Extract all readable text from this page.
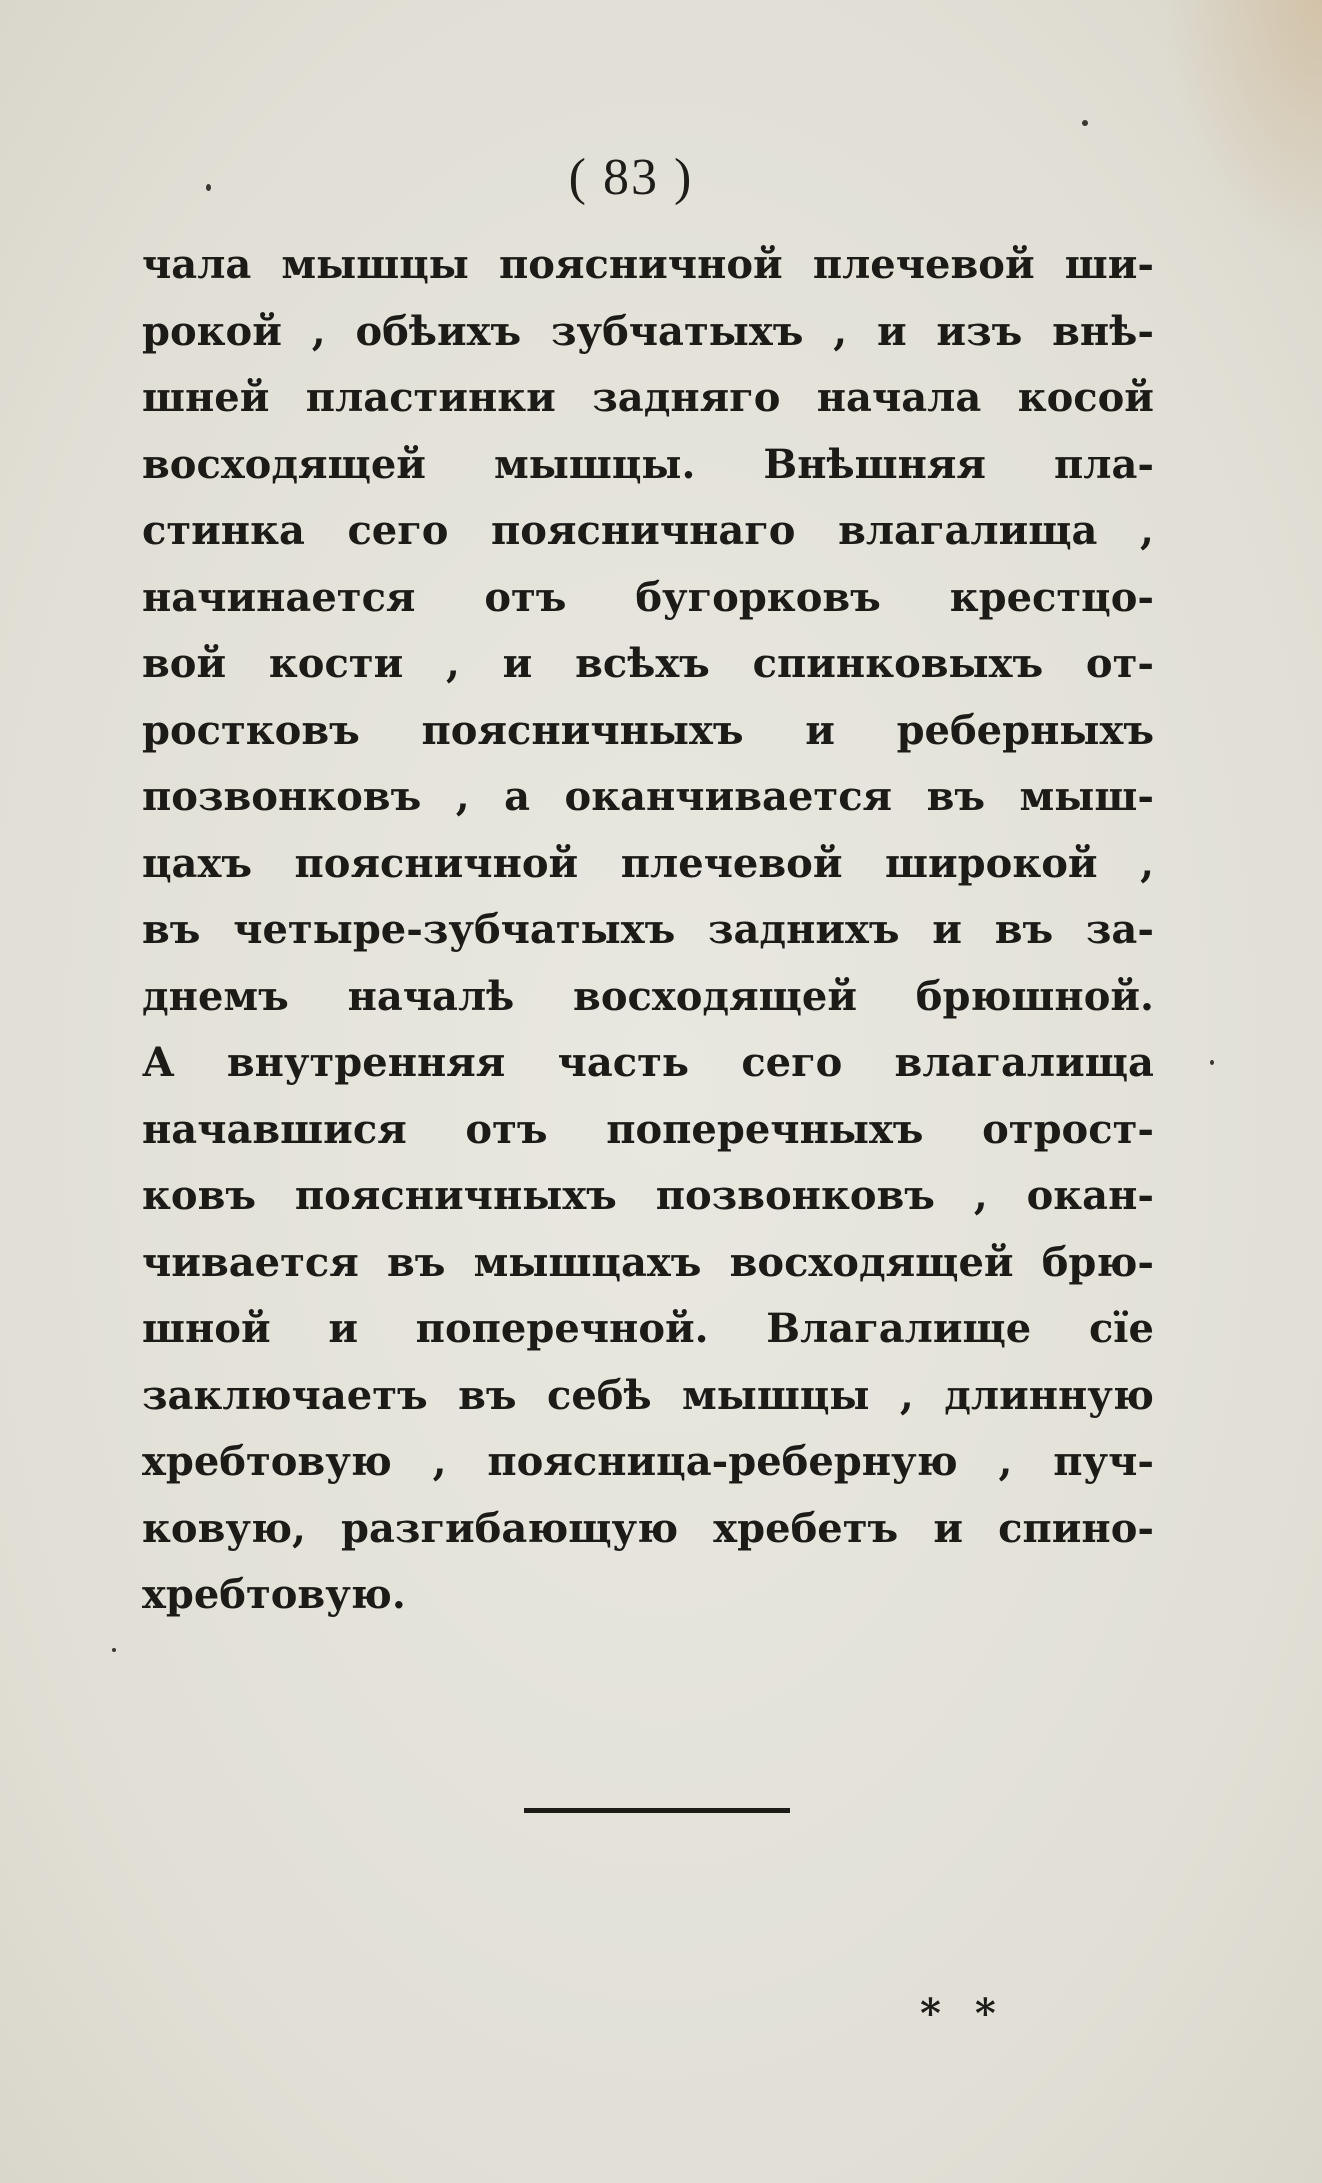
( 83 )
чала мышцы поясничной плечевой ши-
рокой , обѣихъ зубчатыхъ , и изъ внѣ-
шней пластинки задняго начала косой
восходящей мышцы. Внѣшняя пла-
стинка сего поясничнаго влагалища ,
начинается отъ бугорковъ крестцо-
вой кости , и всѣхъ спинковыхъ от-
ростковъ поясничныхъ и реберныхъ
позвонковъ , а оканчивается въ мыш-
цахъ поясничной плечевой широкой ,
въ четыре-зубчатыхъ заднихъ и въ за-
днемъ началѣ восходящей брюшной.
А внутренняя часть сего влагалища
начавшися отъ поперечныхъ отрост-
ковъ поясничныхъ позвонковъ , окан-
чивается въ мышцахъ восходящей брю-
шной и поперечной. Влагалище сїе
заключаетъ въ себѣ мышцы , длинную
хребтовую , поясница-реберную , пуч-
ковую, разгибающую хребетъ и спино-
хребтовую.
* *
